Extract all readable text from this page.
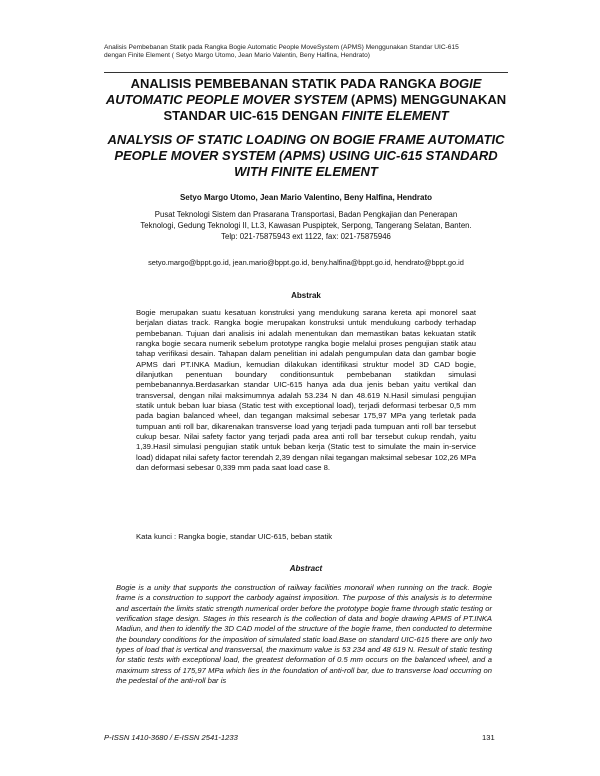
Analisis Pembebanan Statik pada Rangka Bogie Automatic People MoveSystem (APMS) Menggunakan Standar UIC-615
dengan Finite Element ( Setyo Margo Utomo, Jean Mario Valentin, Beny Halfina, Hendrato)

ANALISIS PEMBEBANAN STATIK PADA RANGKA BOGIE AUTOMATIC PEOPLE MOVER SYSTEM (APMS) MENGGUNAKAN STANDAR UIC-615 DENGAN FINITE ELEMENT

ANALYSIS OF STATIC LOADING ON BOGIE FRAME AUTOMATIC PEOPLE MOVER SYSTEM (APMS) USING UIC-615 STANDARD WITH FINITE ELEMENT
Setyo Margo Utomo, Jean Mario Valentino, Beny Halfina, Hendrato
Pusat Teknologi Sistem dan Prasarana Transportasi, Badan Pengkajian dan Penerapan
Teknologi, Gedung Teknologi II, Lt.3, Kawasan Puspiptek, Serpong, Tangerang Selatan, Banten.
Telp: 021-75875943 ext 1122, fax: 021-75875946
setyo.margo@bppt.go.id, jean.mario@bppt.go.id, beny.halfina@bppt.go.id, hendrato@bppt.go.id
Abstrak
Bogie merupakan suatu kesatuan konstruksi yang mendukung sarana kereta api monorel saat berjalan diatas track. Rangka bogie merupakan konstruksi untuk mendukung carbody terhadap pembebanan. Tujuan dari analisis ini adalah menentukan dan memastikan batas kekuatan statik rangka bogie secara numerik sebelum prototype rangka bogie melalui proses pengujian statik atau tahap verifikasi desain. Tahapan dalam penelitian ini adalah pengumpulan data dan gambar bogie APMS dari PT.INKA Madiun, kemudian dilakukan identifikasi struktur model 3D CAD bogie, dilanjutkan penentuan boundary conditionsuntuk pembebanan statikdan simulasi pembebanannya.Berdasarkan standar UIC-615 hanya ada dua jenis beban yaitu vertikal dan transversal, dengan nilai maksimumnya adalah 53.234 N dan 48.619 N.Hasil simulasi pengujian statik untuk beban luar biasa (Static test with exceptional load), terjadi deformasi terbesar 0,5 mm pada bagian balanced wheel, dan tegangan maksimal sebesar 175,97 MPa yang terletak pada tumpuan anti roll bar, dikarenakan transverse load yang terjadi pada tumpuan anti roll bar tersebut cukup besar. Nilai safety factor yang terjadi pada area anti roll bar tersebut cukup rendah, yaitu 1,39.Hasil simulasi pengujian statik untuk beban kerja (Static test to simulate the main in-service load) didapat nilai safety factor terendah 2,39 dengan nilai tegangan maksimal sebesar 102,26 MPa dan deformasi sebesar 0,339 mm pada saat load case 8.
Kata kunci : Rangka bogie, standar UIC-615, beban statik
Abstract
Bogie is a unity that supports the construction of railway facilities monorail when running on the track. Bogie frame is a construction to support the carbody against imposition. The purpose of this analysis is to determine and ascertain the limits static strength numerical order before the prototype bogie frame through static testing or verification stage design. Stages in this research is the collection of data and bogie drawing APMS of PT.INKA Madiun, and then to identify the 3D CAD model of the structure of the bogie frame, then conducted to determine the boundary conditions for the imposition of simulated static load.Base on standard UIC-615 there are only two types of load that is vertical and transversal, the maximum value is 53 234 and 48 619 N. Result of static testing for static tests with exceptional load, the greatest deformation of 0.5 mm occurs on the balanced wheel, and a maximum stress of 175,97 MPa which lies in the foundation of anti-roll bar, due to transverse load occurring on the pedestal of the anti-roll bar is
P-ISSN 1410-3680 / E-ISSN 2541-1233	131
